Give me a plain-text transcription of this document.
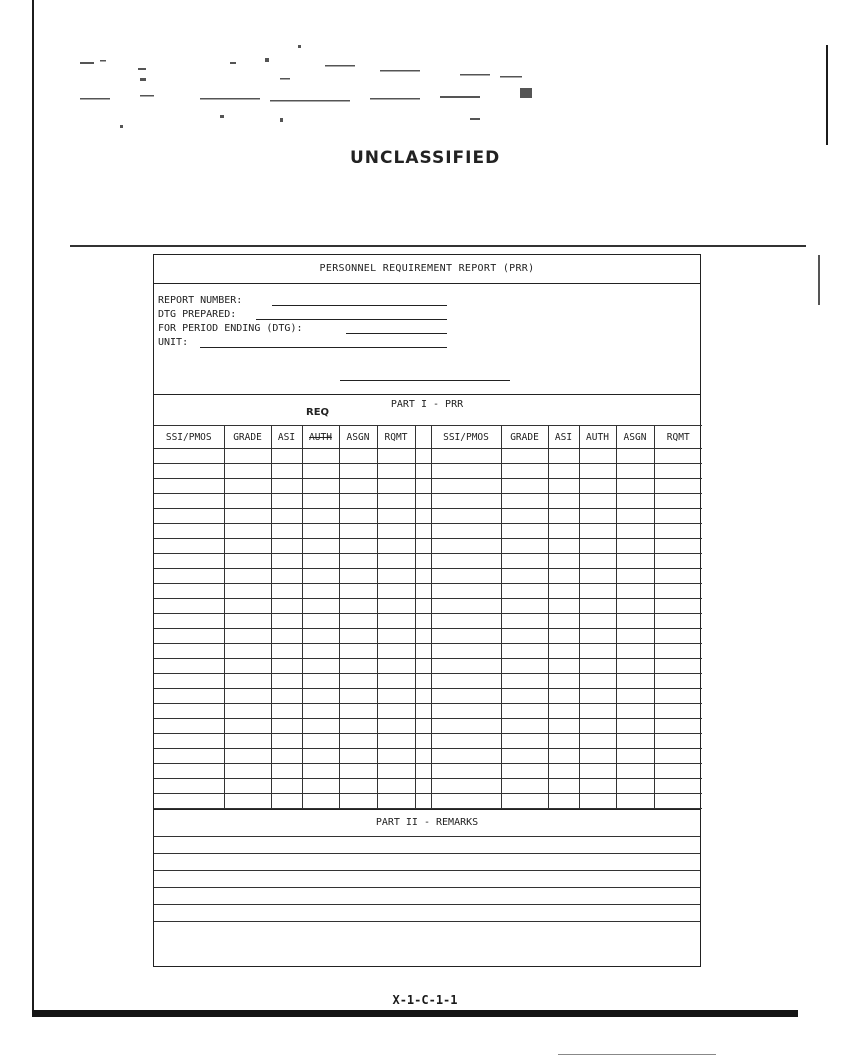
UNCLASSIFIED
PERSONNEL REQUIREMENT REPORT (PRR)
REPORT NUMBER:
DTG PREPARED:
FOR PERIOD ENDING (DTG):
UNIT:
PART I - PRR
REQ
SSI/PMOS	GRADE	ASI	AUTH	ASGN	RQMT		SSI/PMOS	GRADE	ASI	AUTH	ASGN	RQMT

PART II - REMARKS
X-1-C-1-1
